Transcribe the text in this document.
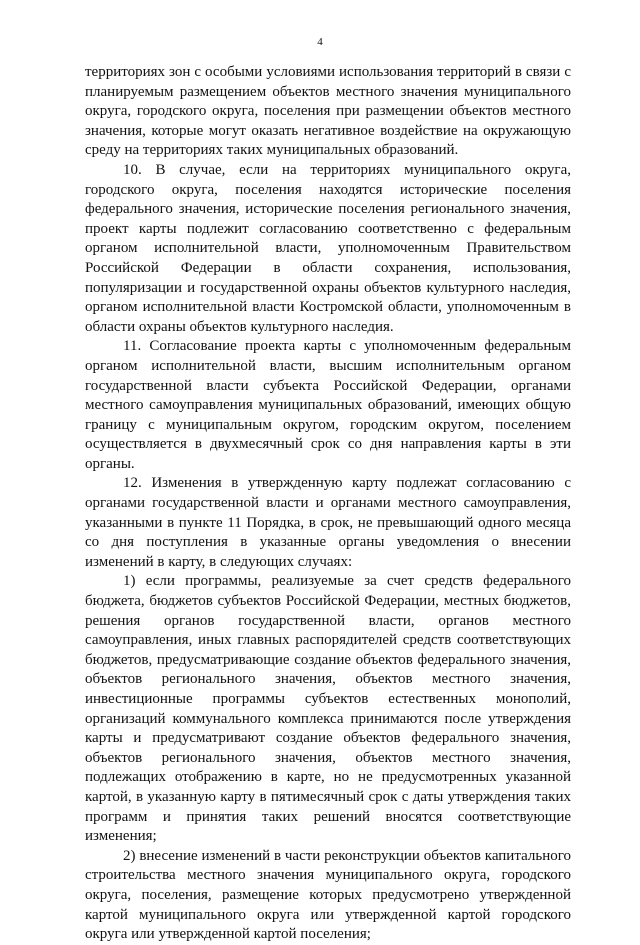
4

территориях зон с особыми условиями использования территорий в связи с планируемым размещением объектов местного значения муниципального округа, городского округа, поселения при размещении объектов местного значения, которые могут оказать негативное воздействие на окружающую среду на территориях таких муниципальных образований.

10. В случае, если на территориях муниципального округа, городского округа, поселения находятся исторические поселения федерального значения, исторические поселения регионального значения, проект карты подлежит согласованию соответственно с федеральным органом исполнительной власти, уполномоченным Правительством Российской Федерации в области сохранения, использования, популяризации и государственной охраны объектов культурного наследия, органом исполнительной власти Костромской области, уполномоченным в области охраны объектов культурного наследия.

11. Согласование проекта карты с уполномоченным федеральным органом исполнительной власти, высшим исполнительным органом государственной власти субъекта Российской Федерации, органами местного самоуправления муниципальных образований, имеющих общую границу с муниципальным округом, городским округом, поселением осуществляется в двухмесячный срок со дня направления карты в эти органы.

12. Изменения в утвержденную карту подлежат согласованию с органами государственной власти и органами местного самоуправления, указанными в пункте 11 Порядка, в срок, не превышающий одного месяца со дня поступления в указанные органы уведомления о внесении изменений в карту, в следующих случаях:

1) если программы, реализуемые за счет средств федерального бюджета, бюджетов субъектов Российской Федерации, местных бюджетов, решения органов государственной власти, органов местного самоуправления, иных главных распорядителей средств соответствующих бюджетов, предусматривающие создание объектов федерального значения, объектов регионального значения, объектов местного значения, инвестиционные программы субъектов естественных монополий, организаций коммунального комплекса принимаются после утверждения карты и предусматривают создание объектов федерального значения, объектов регионального значения, объектов местного значения, подлежащих отображению в карте, но не предусмотренных указанной картой, в указанную карту в пятимесячный срок с даты утверждения таких программ и принятия таких решений вносятся соответствующие изменения;

2) внесение изменений в части реконструкции объектов капитального строительства местного значения муниципального округа, городского округа, поселения, размещение которых предусмотрено утвержденной картой муниципального округа или утвержденной картой городского округа или утвержденной картой поселения;
